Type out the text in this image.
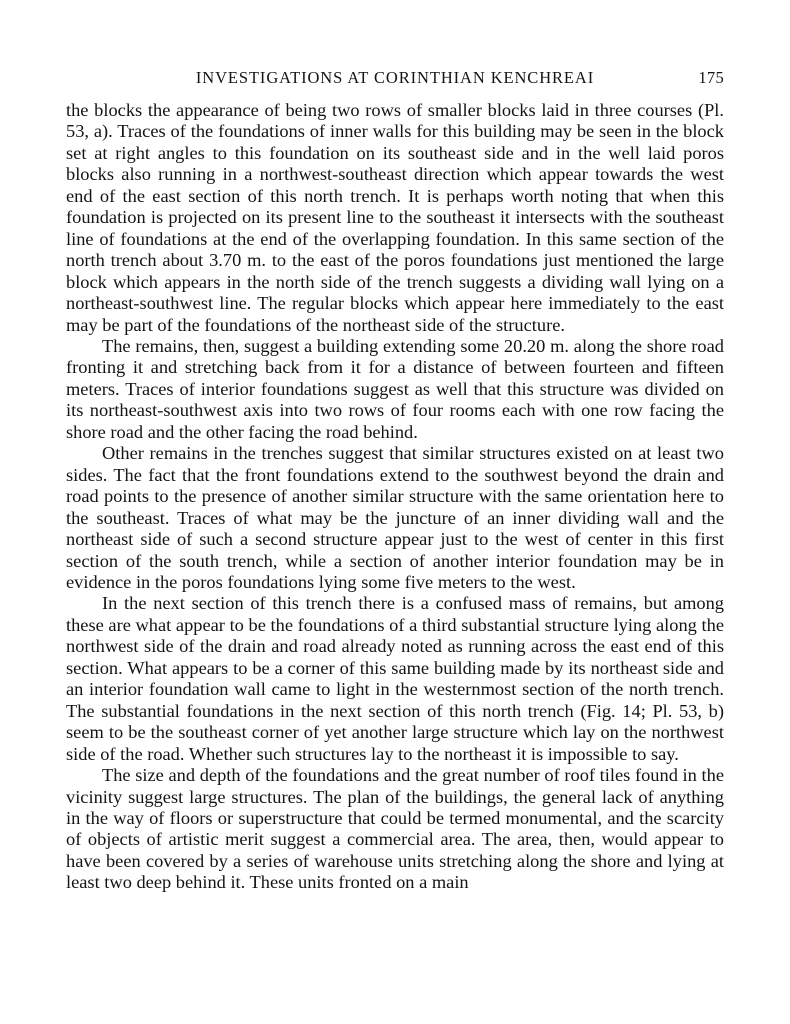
INVESTIGATIONS AT CORINTHIAN KENCHREAI	175

the blocks the appearance of being two rows of smaller blocks laid in three courses (Pl. 53, a). Traces of the foundations of inner walls for this building may be seen in the block set at right angles to this foundation on its southeast side and in the well laid poros blocks also running in a northwest-southeast direction which appear towards the west end of the east section of this north trench. It is perhaps worth noting that when this foundation is projected on its present line to the southeast it intersects with the southeast line of foundations at the end of the overlapping foundation. In this same section of the north trench about 3.70 m. to the east of the poros foundations just mentioned the large block which appears in the north side of the trench suggests a dividing wall lying on a northeast-southwest line. The regular blocks which appear here immediately to the east may be part of the foundations of the northeast side of the structure.

The remains, then, suggest a building extending some 20.20 m. along the shore road fronting it and stretching back from it for a distance of between fourteen and fifteen meters. Traces of interior foundations suggest as well that this structure was divided on its northeast-southwest axis into two rows of four rooms each with one row facing the shore road and the other facing the road behind.

Other remains in the trenches suggest that similar structures existed on at least two sides. The fact that the front foundations extend to the southwest beyond the drain and road points to the presence of another similar structure with the same orientation here to the southeast. Traces of what may be the juncture of an inner dividing wall and the northeast side of such a second structure appear just to the west of center in this first section of the south trench, while a section of another interior foundation may be in evidence in the poros foundations lying some five meters to the west.

In the next section of this trench there is a confused mass of remains, but among these are what appear to be the foundations of a third substantial structure lying along the northwest side of the drain and road already noted as running across the east end of this section. What appears to be a corner of this same building made by its northeast side and an interior foundation wall came to light in the westernmost section of the north trench. The substantial foundations in the next section of this north trench (Fig. 14; Pl. 53, b) seem to be the southeast corner of yet another large structure which lay on the northwest side of the road. Whether such structures lay to the northeast it is impossible to say.

The size and depth of the foundations and the great number of roof tiles found in the vicinity suggest large structures. The plan of the buildings, the general lack of anything in the way of floors or superstructure that could be termed monumental, and the scarcity of objects of artistic merit suggest a commercial area. The area, then, would appear to have been covered by a series of warehouse units stretching along the shore and lying at least two deep behind it. These units fronted on a main
